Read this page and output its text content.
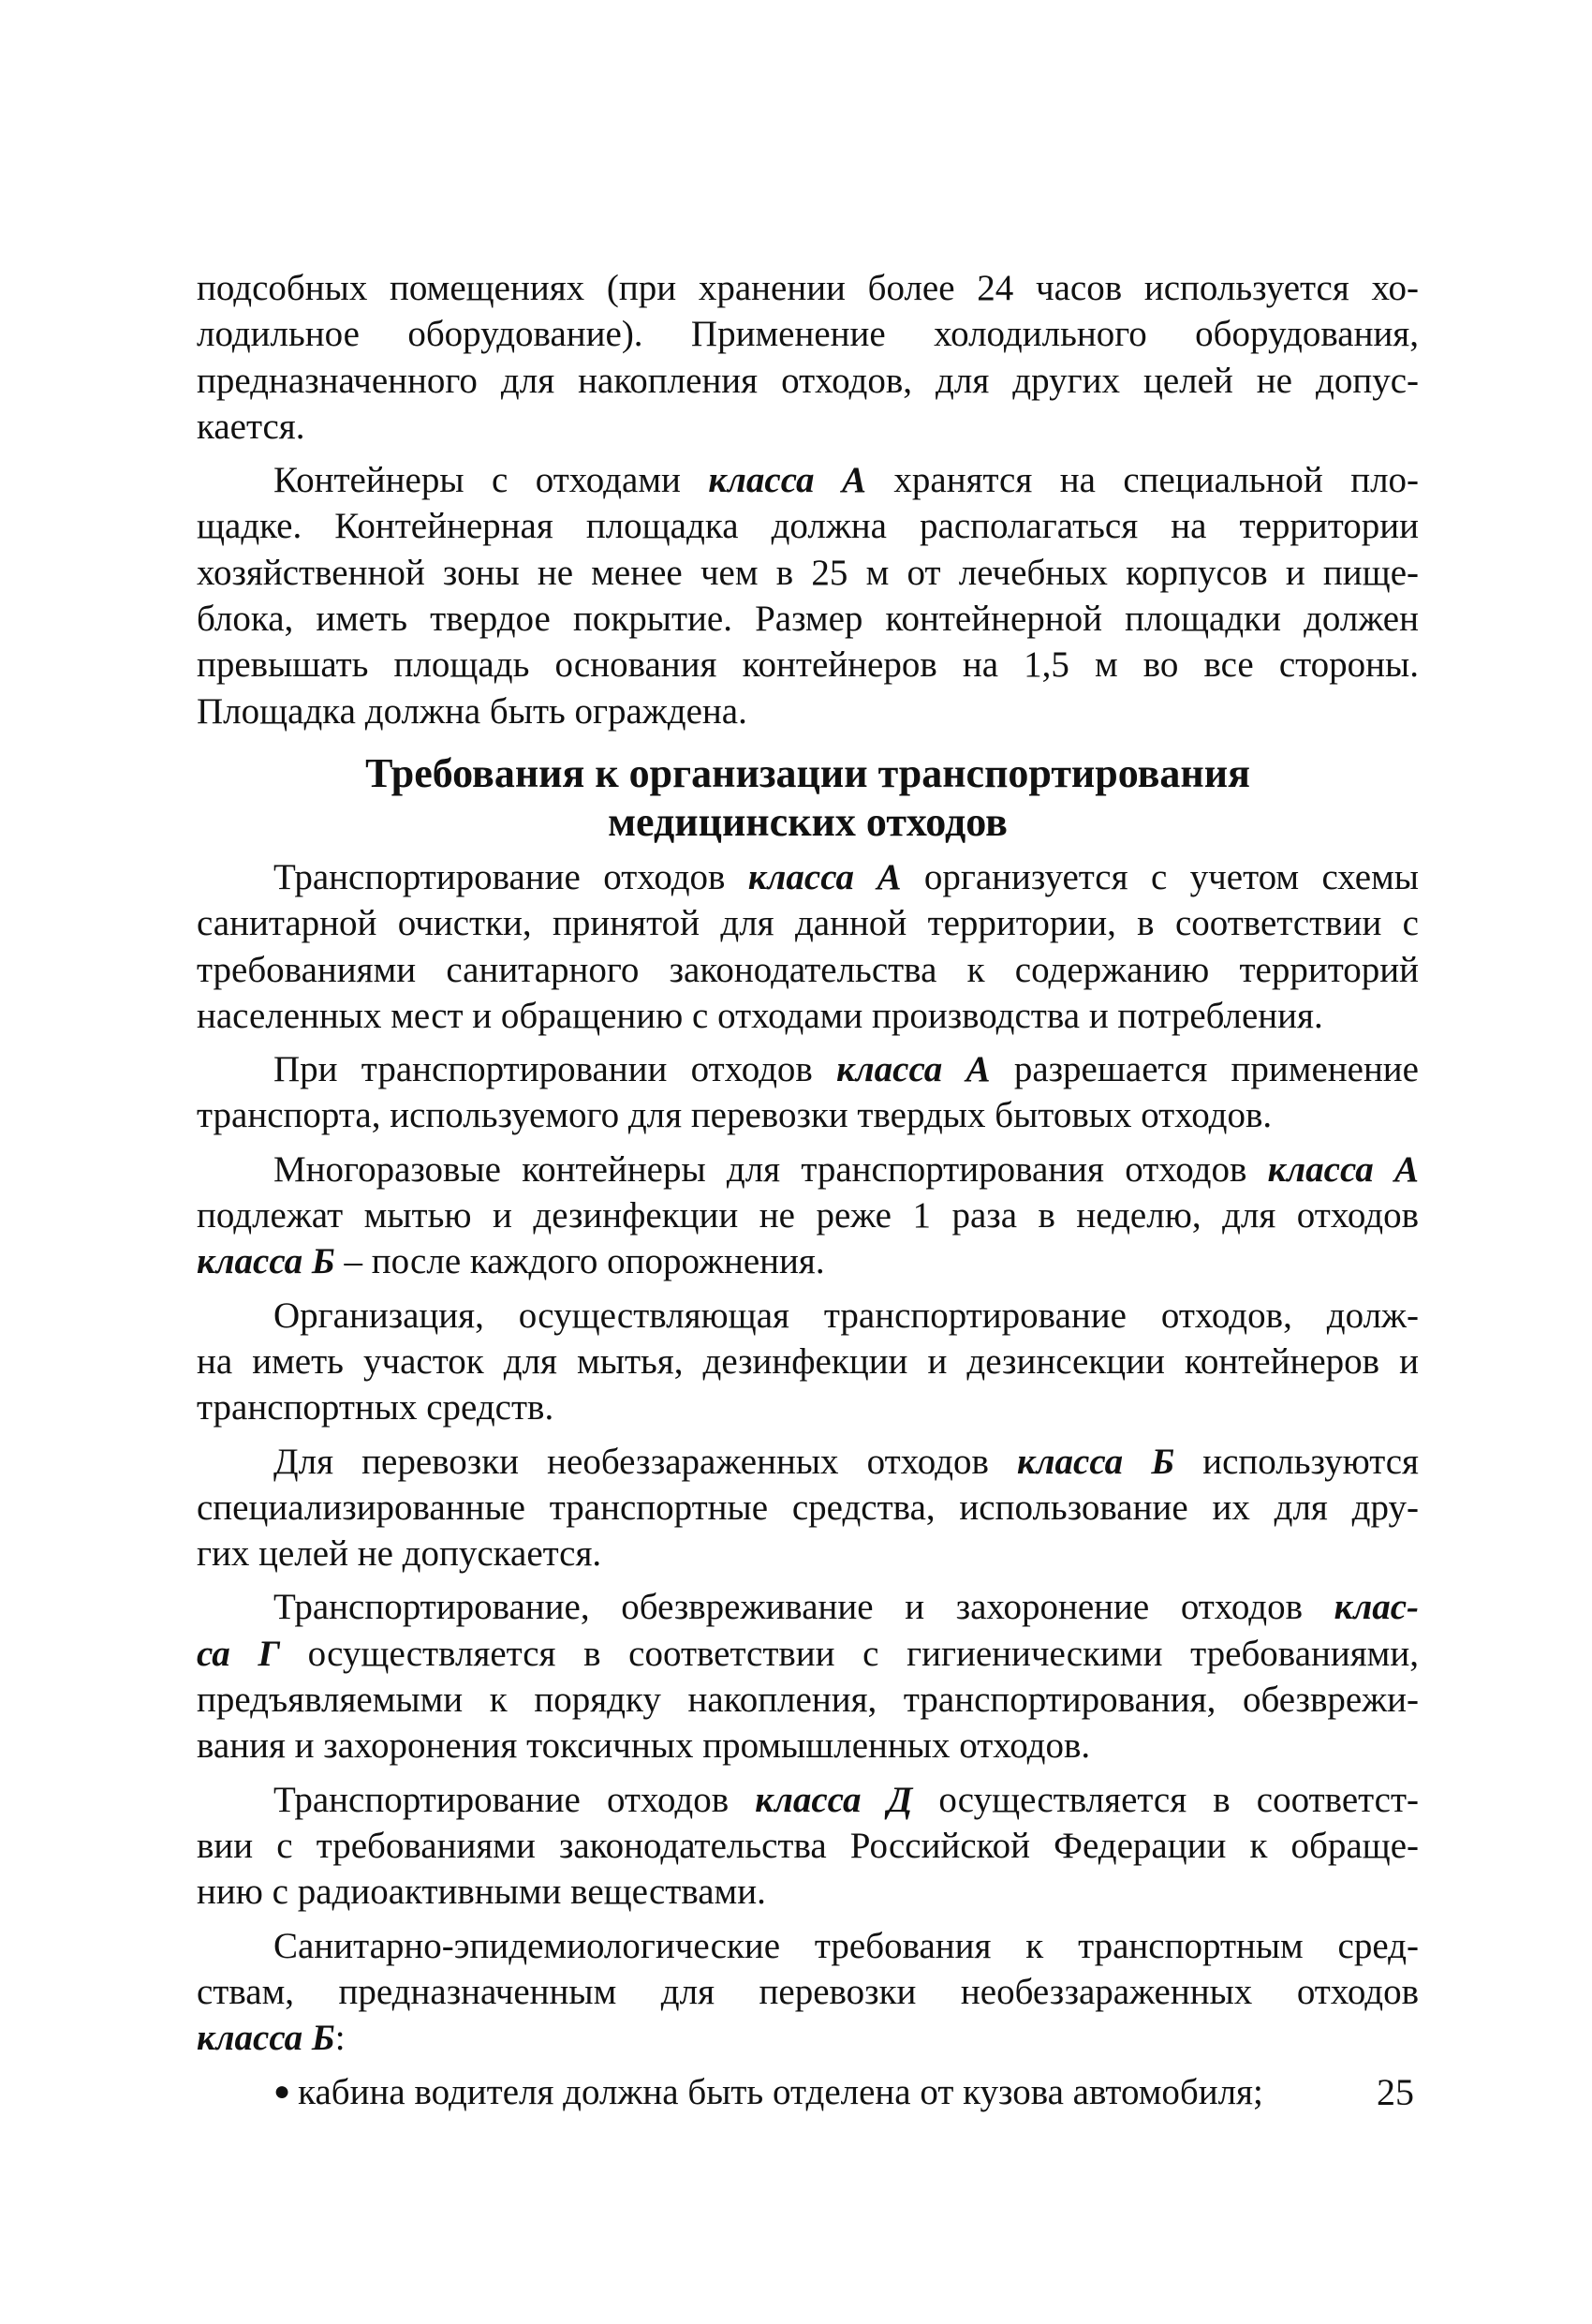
подсобных помещениях (при хранении более 24 часов используется хо-
лодильное оборудование). Применение холодильного оборудования,
предназначенного для накопления отходов, для других целей не допус-
кается.

Контейнеры с отходами класса А хранятся на специальной пло-
щадке. Контейнерная площадка должна располагаться на территории
хозяйственной зоны не менее чем в 25 м от лечебных корпусов и пище-
блока, иметь твердое покрытие. Размер контейнерной площадки должен
превышать площадь основания контейнеров на 1,5 м во все стороны.
Площадка должна быть ограждена.

Требования к организации транспортирования
медицинских отходов

Транспортирование отходов класса А организуется с учетом схемы
санитарной очистки, принятой для данной территории, в соответствии с
требованиями санитарного законодательства к содержанию территорий
населенных мест и обращению с отходами производства и потребления.

При транспортировании отходов класса А разрешается применение
транспорта, используемого для перевозки твердых бытовых отходов.

Многоразовые контейнеры для транспортирования отходов класса А
подлежат мытью и дезинфекции не реже 1 раза в неделю, для отходов
класса Б – после каждого опорожнения.

Организация, осуществляющая транспортирование отходов, долж-
на иметь участок для мытья, дезинфекции и дезинсекции контейнеров и
транспортных средств.

Для перевозки необеззараженных отходов класса Б используются
специализированные транспортные средства, использование их для дру-
гих целей не допускается.

Транспортирование, обезвреживание и захоронение отходов клас-
са Г осуществляется в соответствии с гигиеническими требованиями,
предъявляемыми к порядку накопления, транспортирования, обезврежи-
вания и захоронения токсичных промышленных отходов.

Транспортирование отходов класса Д осуществляется в соответст-
вии с требованиями законодательства Российской Федерации к обраще-
нию с радиоактивными веществами.

Санитарно-эпидемиологические требования к транспортным сред-
ствам, предназначенным для перевозки необеззараженных отходов
класса Б:

● кабина водителя должна быть отделена от кузова автомобиля;	25
